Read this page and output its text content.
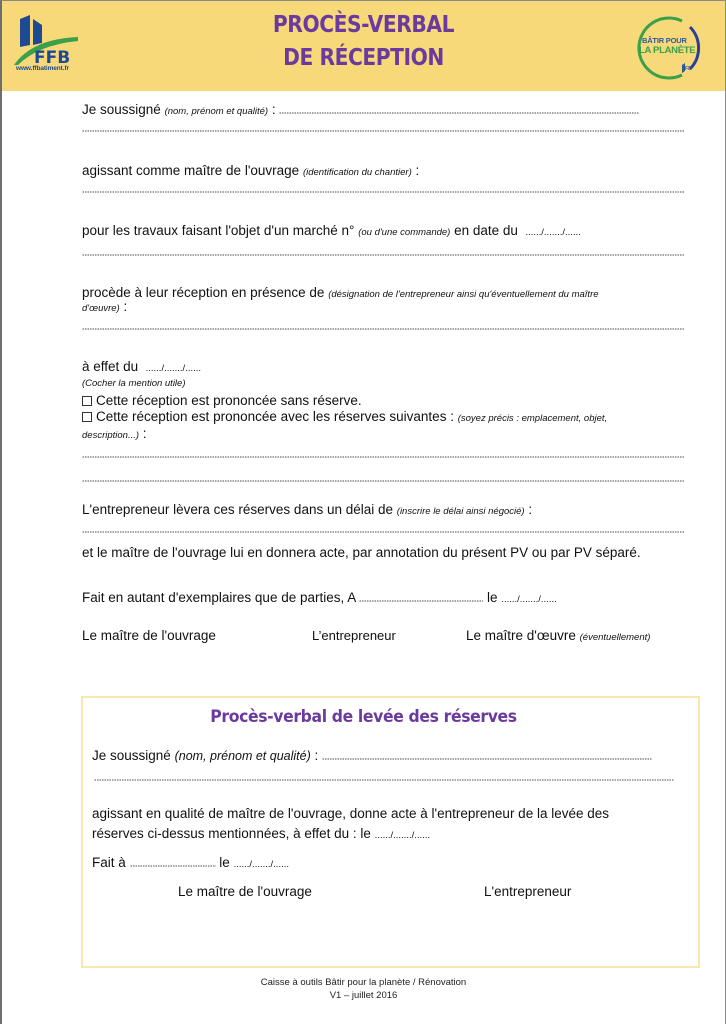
FFB
www.ffbatiment.fr
PROCÈS-VERBAL
DE RÉCEPTION
BÂTIR POUR
LA PLANÈTE
FFB
Je soussigné (nom, prénom et qualité) :
agissant comme maître de l'ouvrage (identification du chantier) :
pour les travaux faisant l'objet d'un marché n° (ou d'une commande) en date du ....../......./......
procède à leur réception en présence de (désignation de l'entrepreneur ainsi qu'éventuellement du maître
d'œuvre) :
à effet du ....../......./......
(Cocher la mention utile)
Cette réception est prononcée sans réserve.
Cette réception est prononcée avec les réserves suivantes : (soyez précis : emplacement, objet,
description...) :
L'entrepreneur lèvera ces réserves dans un délai de (inscrire le délai ainsi négocié) :
et le maître de l'ouvrage lui en donnera acte, par annotation du présent PV ou par PV séparé.
Fait en autant d'exemplaires que de parties, A	le ....../......./......
Le maître de l'ouvrage	L’entrepreneur	Le maître d'œuvre (éventuellement)
Procès-verbal de levée des réserves
Je soussigné (nom, prénom et qualité) :
agissant en qualité de maître de l'ouvrage, donne acte à l'entrepreneur de la levée des
réserves ci-dessus mentionnées, à effet du : le ....../......./......
Fait à	le ....../......./......
Le maître de l'ouvrage	L'entrepreneur
Caisse à outils Bâtir pour la planète / Rénovation
V1 – juillet 2016
